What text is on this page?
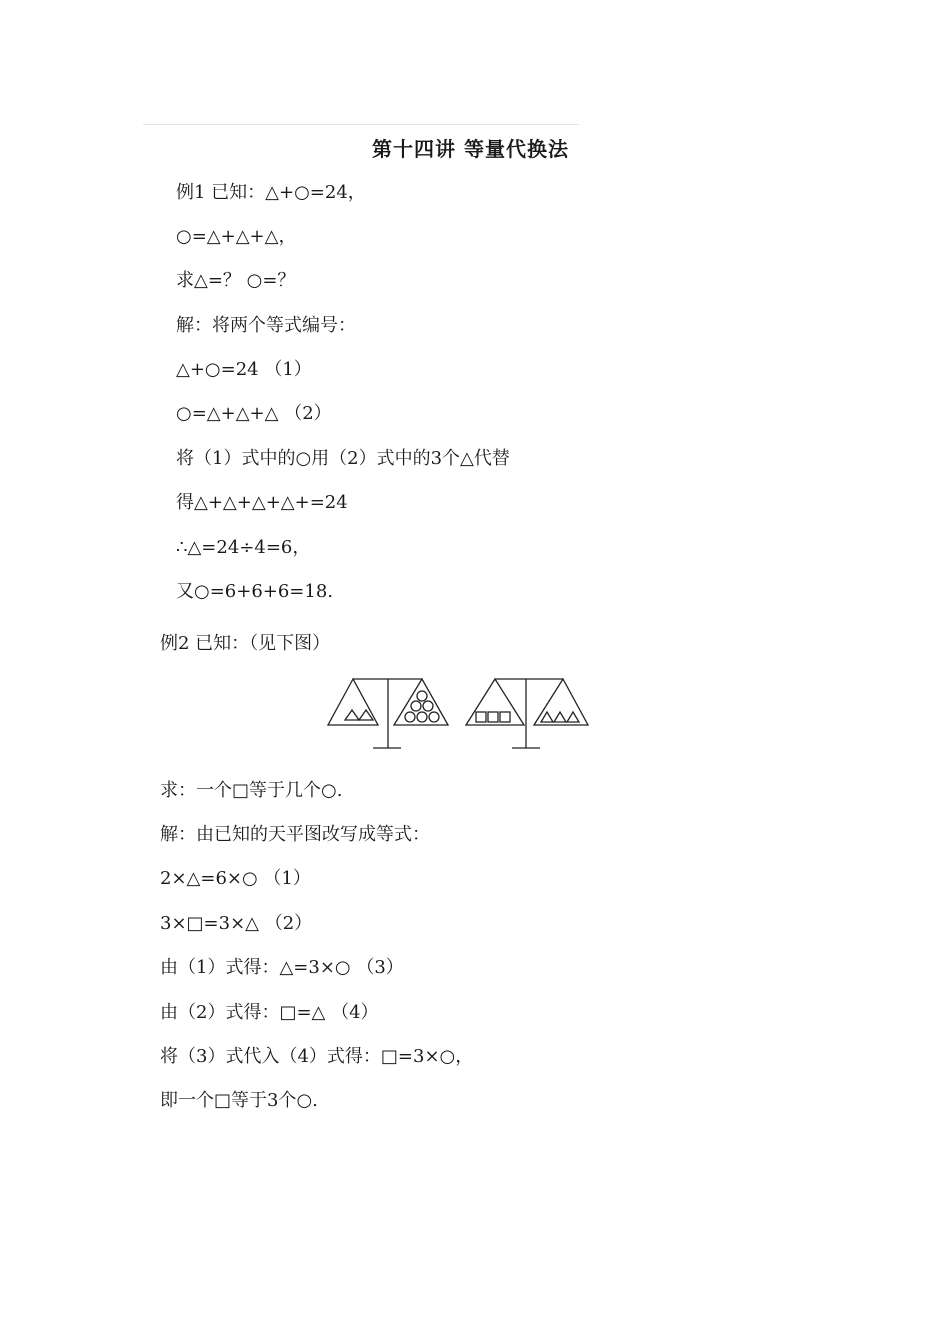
第十四讲 等量代换法
例1 已知：△+○=24，
○=△+△+△，
求△=？ ○=？
解：将两个等式编号：
△+○=24 （1）
○=△+△+△ （2）
将（1）式中的○用（2）式中的3个△代替
得△+△+△+△+=24
∴△=24÷4=6，
又○=6+6+6=18.
例2 已知：（见下图）
求：一个□等于几个○.
解：由已知的天平图改写成等式：
2×△=6×○ （1）
3×□=3×△ （2）
由（1）式得：△=3×○ （3）
由（2）式得：□=△ （4）
将（3）式代入（4）式得：□=3×○，
即一个□等于3个○.
